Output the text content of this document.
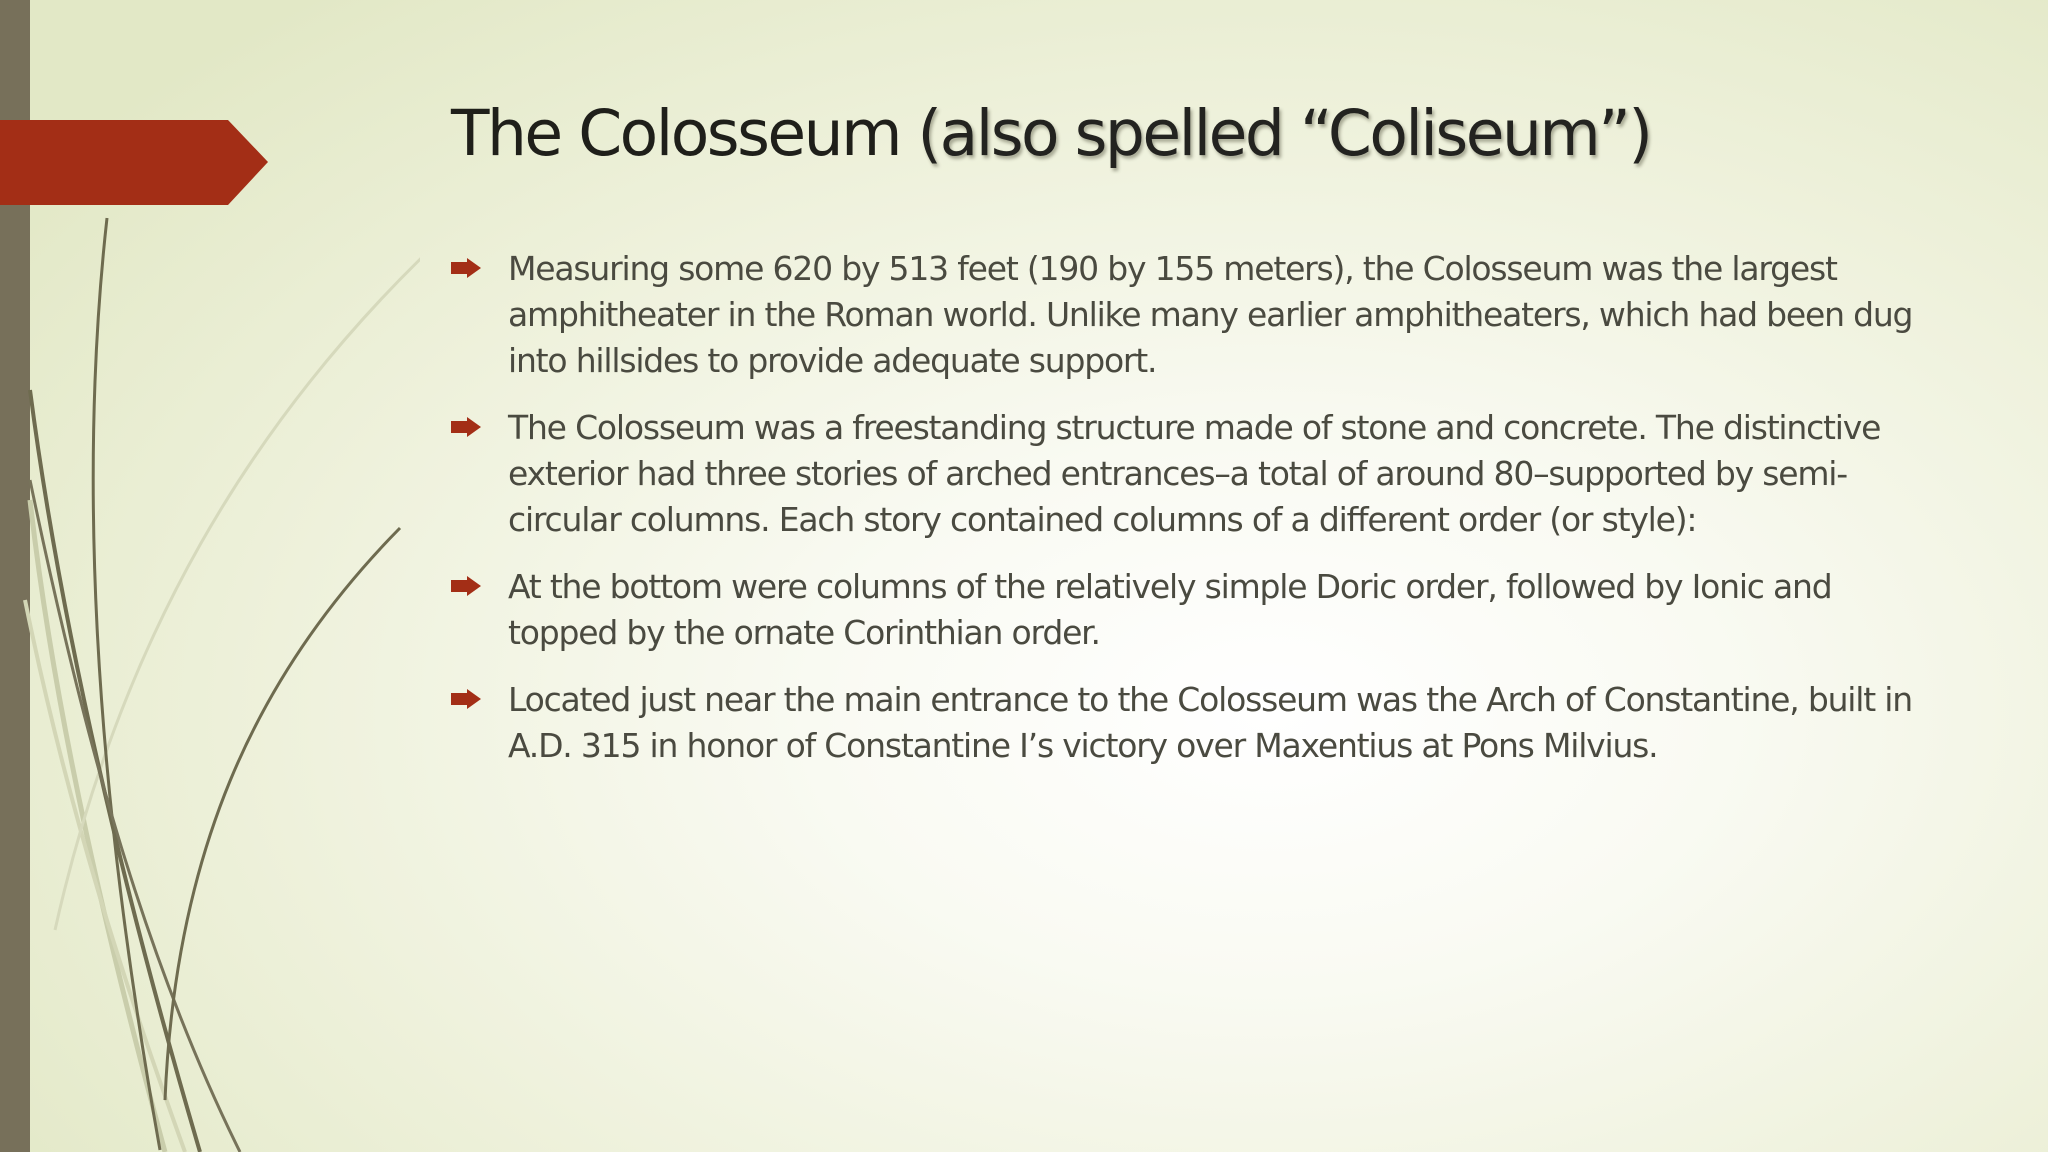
The Colosseum (also spelled “Coliseum”)
Measuring some 620 by 513 feet (190 by 155 meters), the Colosseum was the largest amphitheater in the Roman world. Unlike many earlier amphitheaters, which had been dug into hillsides to provide adequate support.
The Colosseum was a freestanding structure made of stone and concrete. The distinctive exterior had three stories of arched entrances–a total of around 80–supported by semi-circular columns. Each story contained columns of a different order (or style):
At the bottom were columns of the relatively simple Doric order, followed by Ionic and topped by the ornate Corinthian order.
Located just near the main entrance to the Colosseum was the Arch of Constantine, built in A.D. 315 in honor of Constantine I’s victory over Maxentius at Pons Milvius.
